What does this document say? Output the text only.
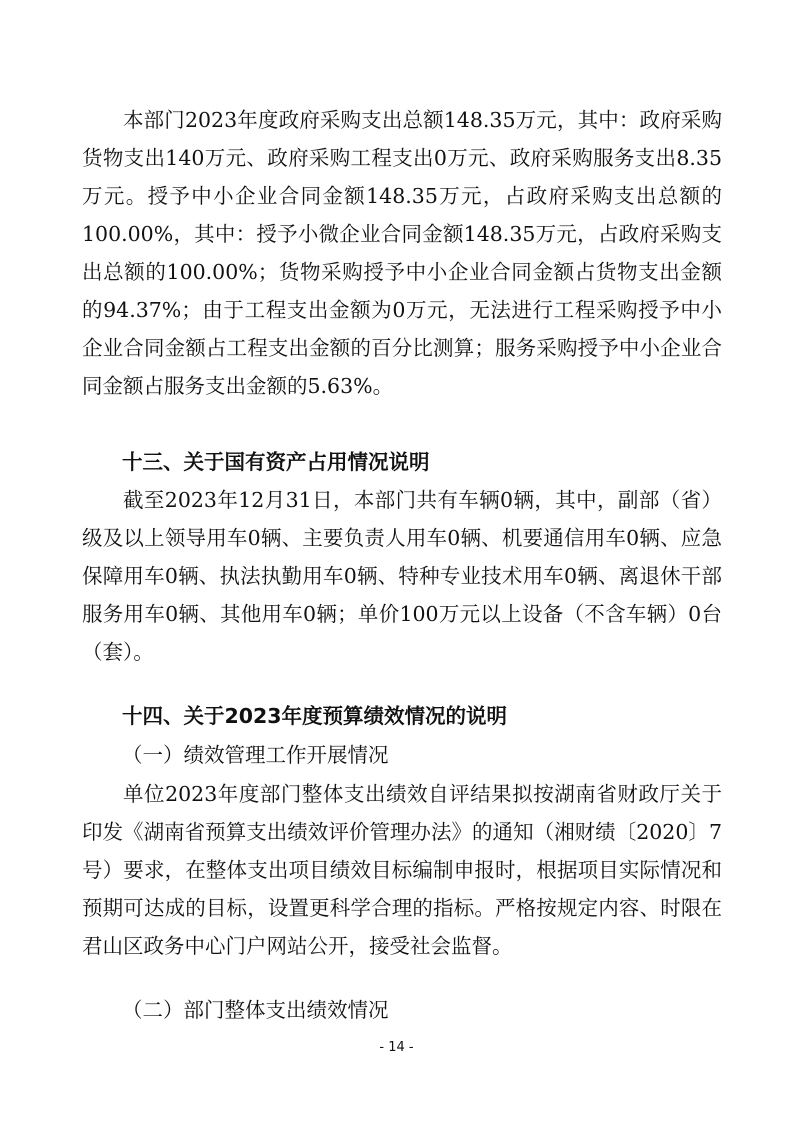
本部门2023年度政府采购支出总额148.35万元，其中：政府采购货物支出140万元、政府采购工程支出0万元、政府采购服务支出8.35万元。授予中小企业合同金额148.35万元，占政府采购支出总额的100.00%，其中：授予小微企业合同金额148.35万元，占政府采购支出总额的100.00%；货物采购授予中小企业合同金额占货物支出金额的94.37%；由于工程支出金额为0万元，无法进行工程采购授予中小企业合同金额占工程支出金额的百分比测算；服务采购授予中小企业合同金额占服务支出金额的5.63%。

十三、关于国有资产占用情况说明

截至2023年12月31日，本部门共有车辆0辆，其中，副部（省）级及以上领导用车0辆、主要负责人用车0辆、机要通信用车0辆、应急保障用车0辆、执法执勤用车0辆、特种专业技术用车0辆、离退休干部服务用车0辆、其他用车0辆；单价100万元以上设备（不含车辆）0台（套）。

十四、关于2023年度预算绩效情况的说明

（一）绩效管理工作开展情况

单位2023年度部门整体支出绩效自评结果拟按湖南省财政厅关于印发《湖南省预算支出绩效评价管理办法》的通知（湘财绩〔2020〕7号）要求，在整体支出项目绩效目标编制申报时，根据项目实际情况和预期可达成的目标，设置更科学合理的指标。严格按规定内容、时限在君山区政务中心门户网站公开，接受社会监督。

（二）部门整体支出绩效情况

- 14 -
